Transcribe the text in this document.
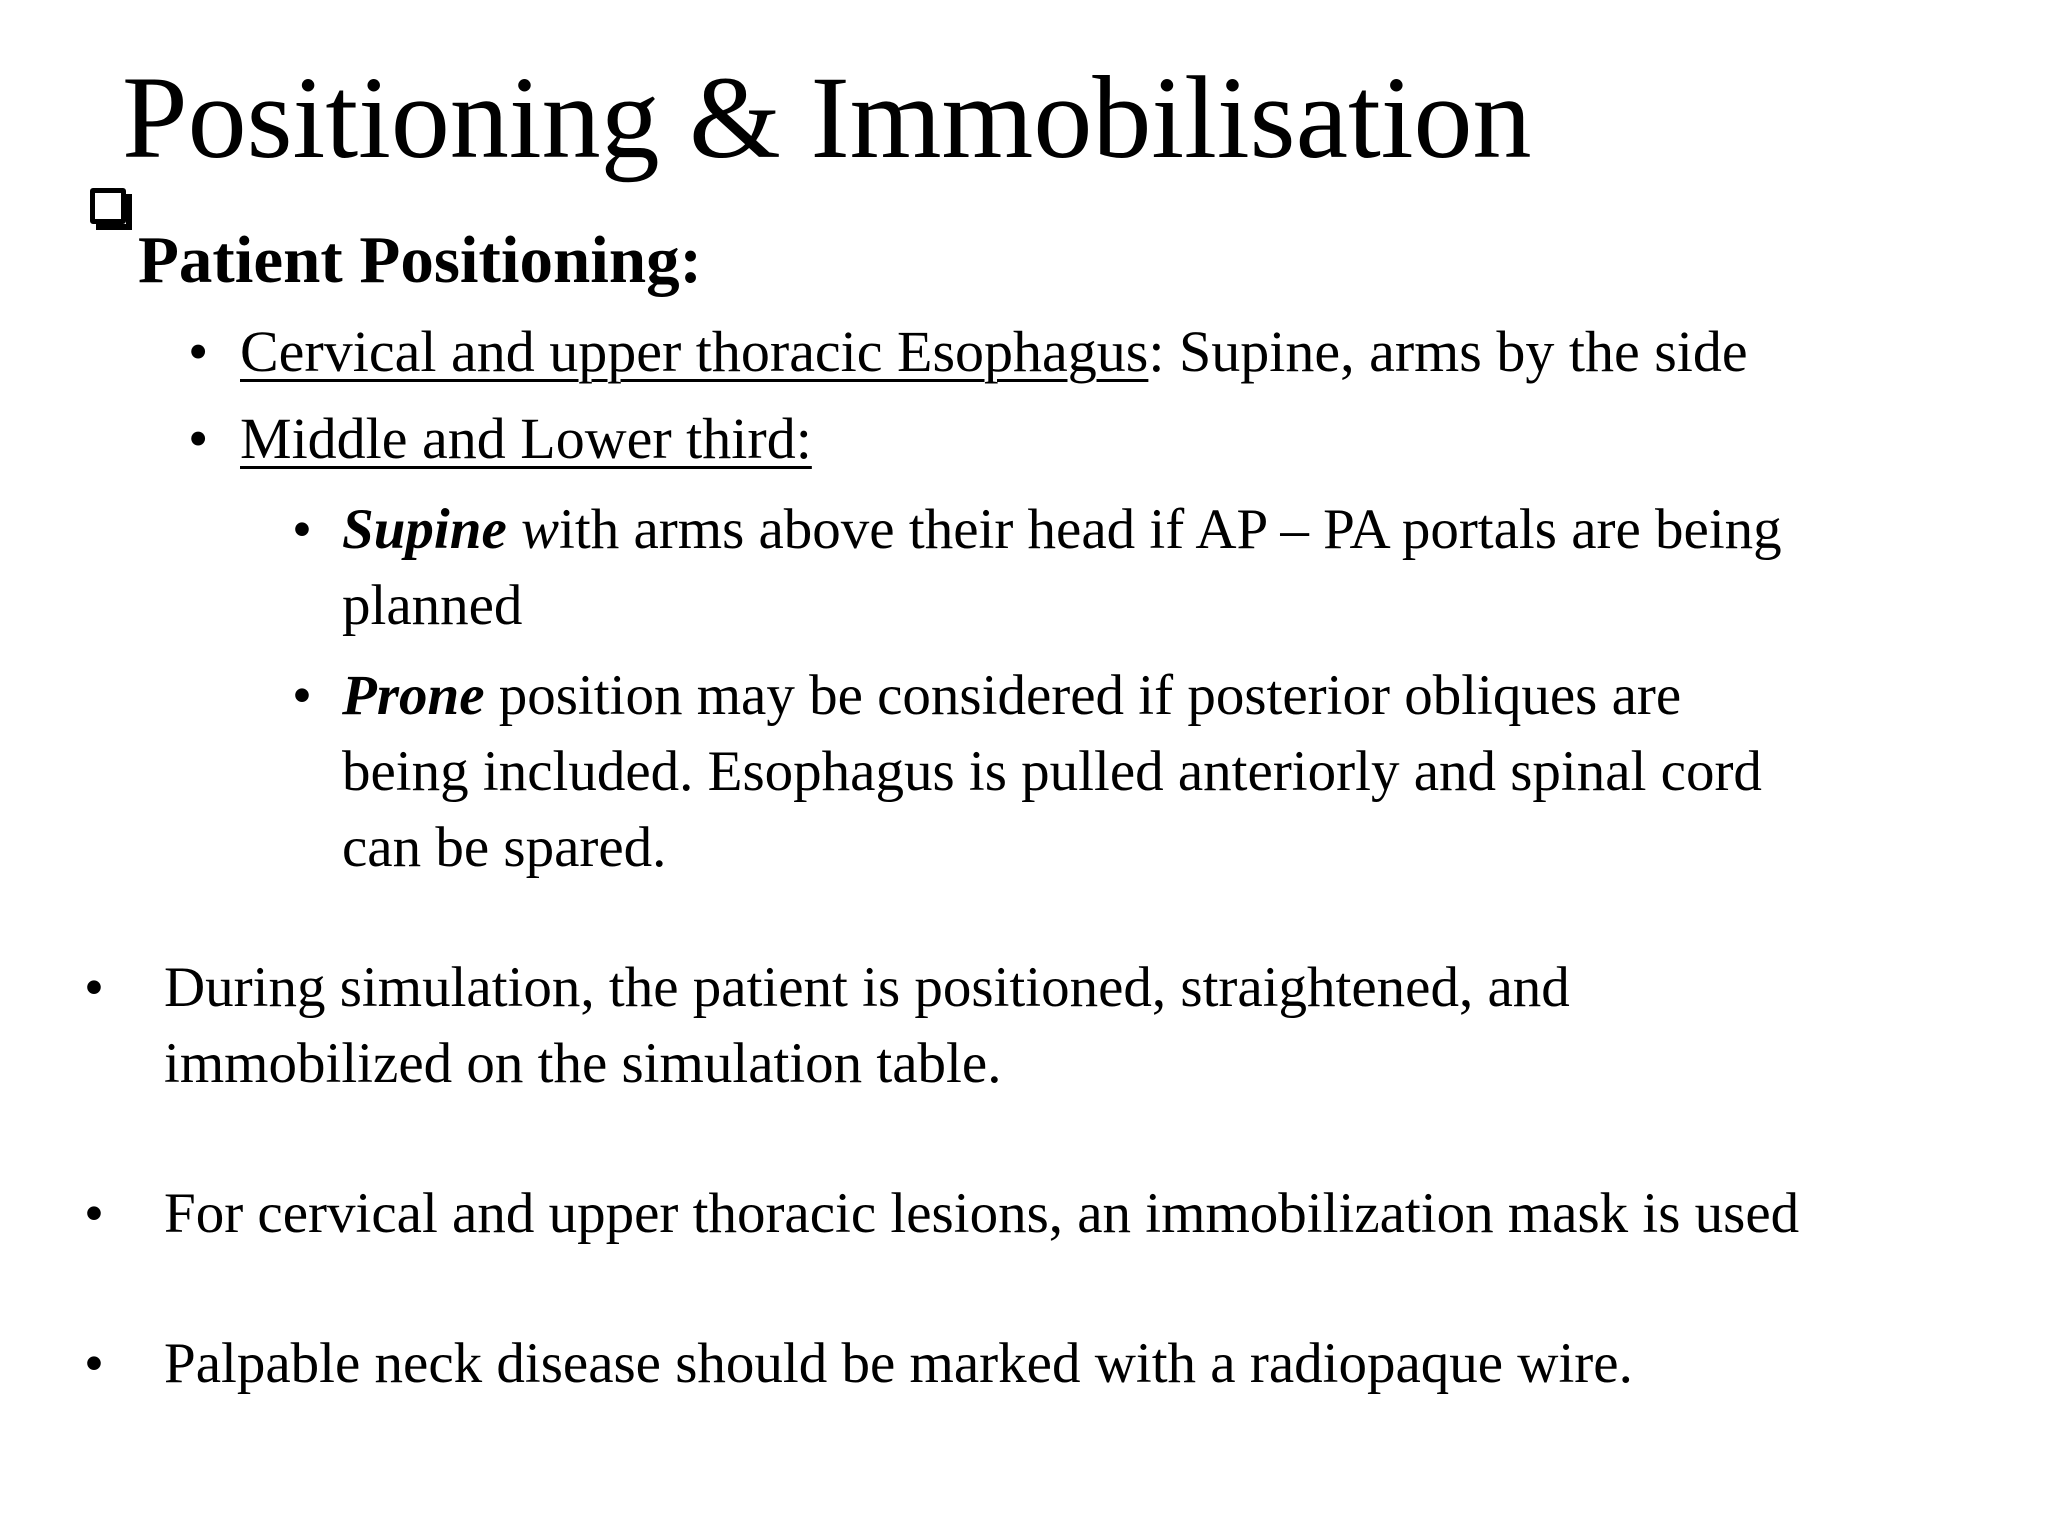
Positioning & Immobilisation
Patient Positioning:
• Cervical and upper thoracic Esophagus: Supine, arms by the side
• Middle and Lower third:
• Supine with arms above their head if AP – PA portals are being
planned
• Prone position may be considered if posterior obliques are
being included. Esophagus is pulled anteriorly and spinal cord
can be spared.
• During simulation, the patient is positioned, straightened, and
immobilized on the simulation table.
• For cervical and upper thoracic lesions, an immobilization mask is used
• Palpable neck disease should be marked with a radiopaque wire.
